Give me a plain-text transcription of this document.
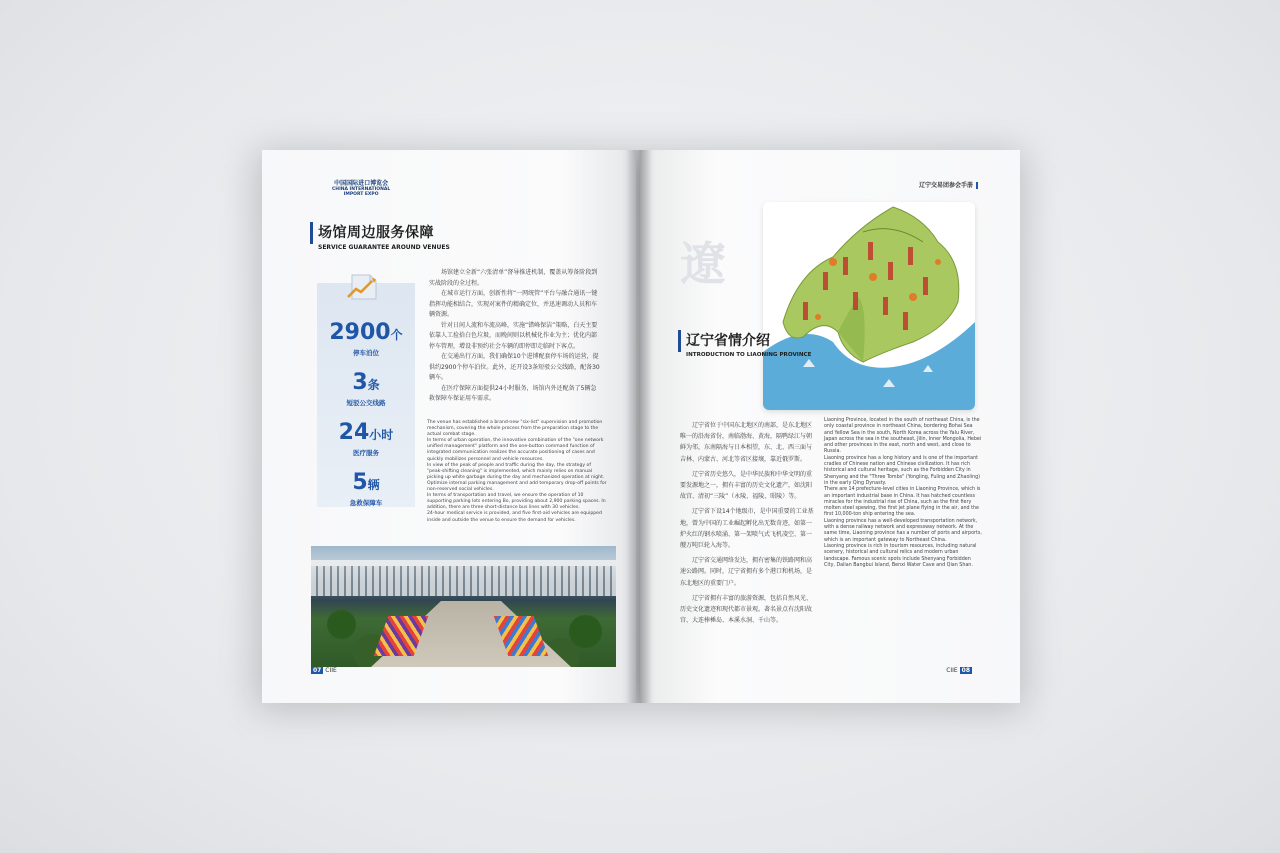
中国国际进口博览会
CHINA INTERNATIONAL
IMPORT EXPO
场馆周边服务保障
SERVICE GUARANTEE AROUND VENUES
2900个
停车泊位
3条
短驳公交线路
24小时
医疗服务
5辆
急救保障车

场馆建立全新“六张清单”督导推进机制，覆盖从筹备阶段到实战阶段的全过程。

在城市运行方面，创新性将“一网统管”平台与融合通讯一键指挥功能相结合，实现对案件的精确定位，并迅速调动人员和车辆资源。

针对日间人流和车流高峰，实施“错峰保洁”策略，白天主要依靠人工捡拾白色垃圾，而晚间则以机械化作业为主；优化内部停车管理，增设非预约社会车辆的即停即走临时下客点。

在交通出行方面，我们确保10个进博配套停车场的运营，提供约2900个停车泊位。此外，还开设3条短驳公交线路，配备30辆车。

在医疗保障方面提供24小时服务，场馆内外还配备了5辆急救保障车保证用车需求。

The venue has established a brand-new "six-list" supervision and promotion mechanism, covering the whole process from the preparation stage to the actual combat stage.

In terms of urban operation, the innovative combination of the "one network unified management" platform and the one-button command function of integrated communication realizes the accurate positioning of cases and quickly mobilizes personnel and vehicle resources.

In view of the peak of people and traffic during the day, the strategy of "peak-shifting cleaning" is implemented, which mainly relies on manual picking up white garbage during the day and mechanized operation at night. Optimize internal parking management and add temporary drop-off points for non-reserved social vehicles.

In terms of transportation and travel, we ensure the operation of 10 supporting parking lots entering Bo, providing about 2,900 parking spaces. In addition, there are three short-distance bus lines with 30 vehicles.

24-hour medical service is provided, and five first-aid vehicles are equipped inside and outside the venue to ensure the demand for vehicles.

07 CIIE
辽宁交易团参会手册
遼
辽宁省情介绍
INTRODUCTION TO LIAONING PROVINCE

辽宁省位于中国东北地区的南部，是东北地区唯一的沿海省份，南临渤海、黄海，隔鸭绿江与朝鲜为邻，东南隔海与日本相望，东、北、西三面与吉林、内蒙古、河北等省区接壤，靠近俄罗斯。

辽宁省历史悠久，是中华民族和中华文明的重要发源地之一，拥有丰富的历史文化遗产，如沈阳故宫、清初“三陵”（永陵、福陵、昭陵）等。

辽宁省下设14个地级市，是中国重要的工业基地，曾为中国的工业崛起孵化出无数奇迹，如第一炉火红的钢水喷涌、第一架喷气式飞机凌空、第一艘万吨巨轮入海等。

辽宁省交通网络发达，拥有密集的铁路网和高速公路网。同时，辽宁省拥有多个港口和机场，是东北地区的重要门户。

辽宁省拥有丰富的旅游资源，包括自然风光、历史文化遗迹和现代都市景观。著名景点有沈阳故宫、大连棒棰岛、本溪水洞、千山等。

Liaoning Province, located in the south of northeast China, is the only coastal province in northeast China, bordering Bohai Sea and Yellow Sea in the south, North Korea across the Yalu River, Japan across the sea in the southeast, Jilin, Inner Mongolia, Hebei and other provinces in the east, north and west, and close to Russia.

Liaoning province has a long history and is one of the important cradles of Chinese nation and Chinese civilization. It has rich historical and cultural heritage, such as the Forbidden City in Shenyang and the "Three Tombs" (Yongling, Fuling and Zhaoling) in the early Qing Dynasty.

There are 14 prefecture-level cities in Liaoning Province, which is an important industrial base in China. It has hatched countless miracles for the industrial rise of China, such as the first fiery molten steel spewing, the first jet plane flying in the air, and the first 10,000-ton ship entering the sea.

Liaoning province has a well-developed transportation network, with a dense railway network and expressway network. At the same time, Liaoning province has a number of ports and airports, which is an important gateway to Northeast China.

Liaoning province is rich in tourism resources, including natural scenery, historical and cultural relics and modern urban landscape. Famous scenic spots include Shenyang Forbidden City, Dalian Bangbui Island, Benxi Water Cave and Qian Shan.

CIIE 08
